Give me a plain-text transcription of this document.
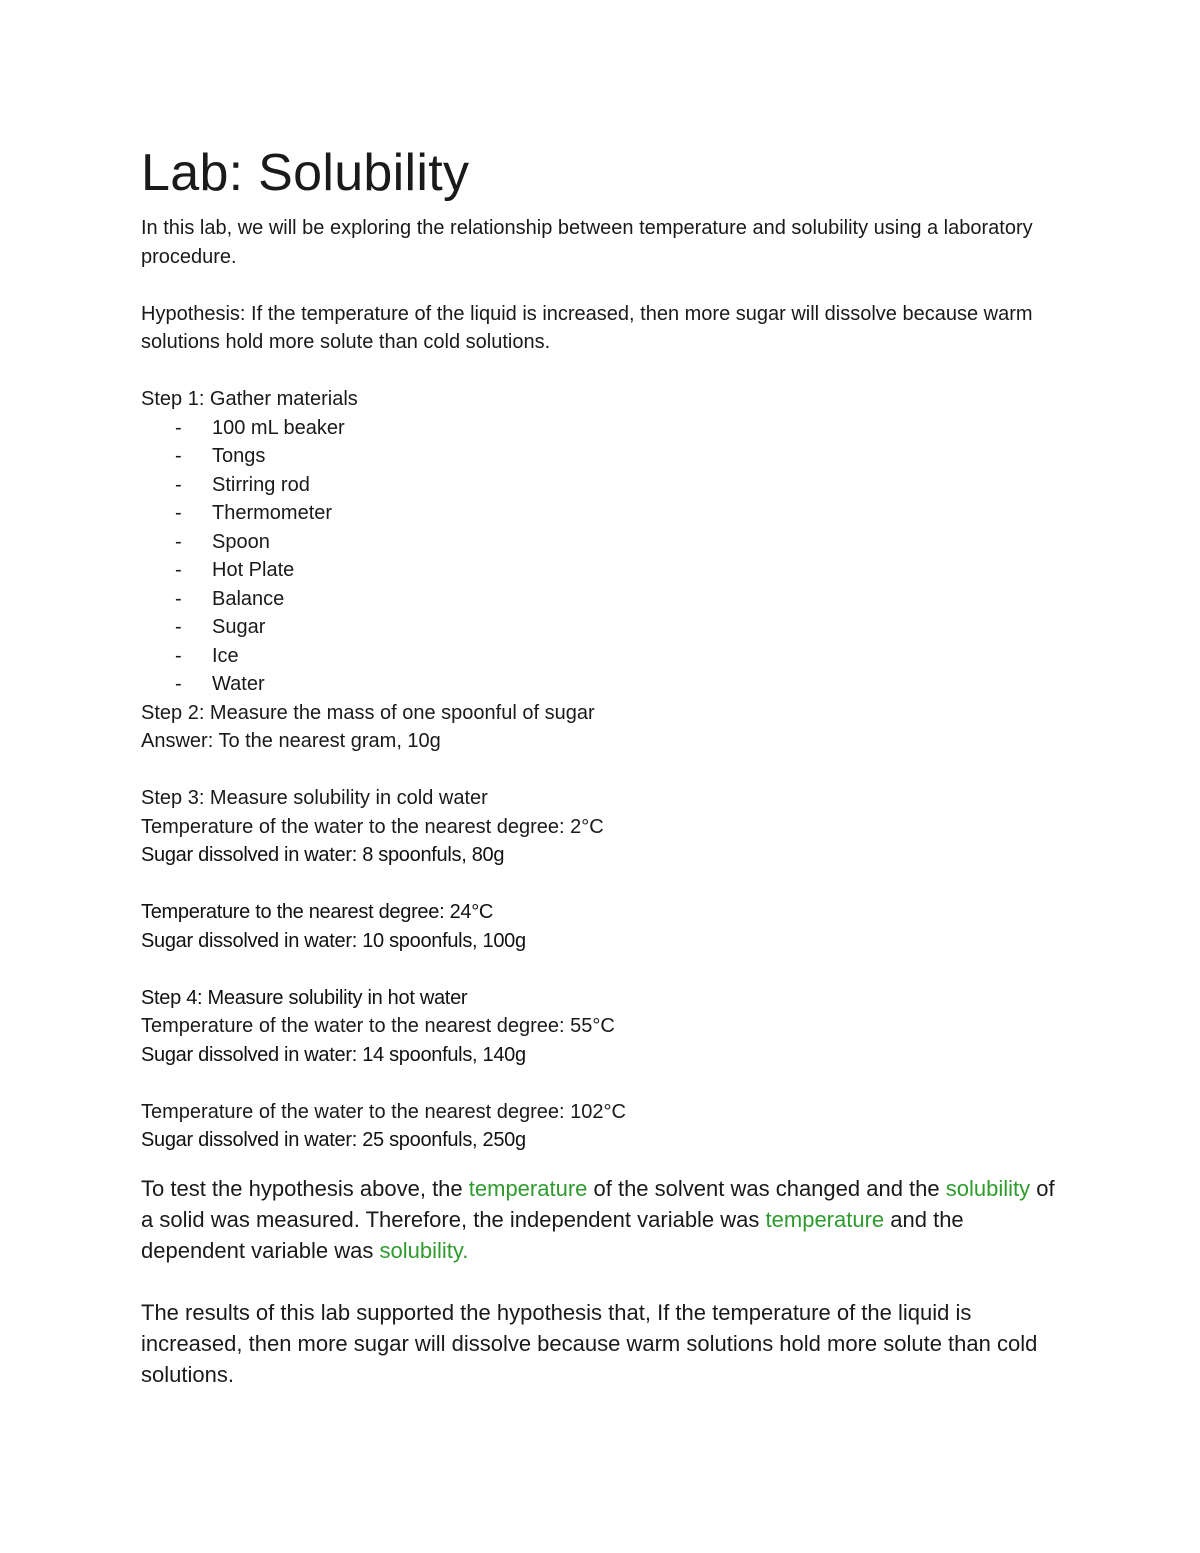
Lab: Solubility

In this lab, we will be exploring the relationship between temperature and solubility using a laboratory procedure.

Hypothesis: If the temperature of the liquid is increased, then more sugar will dissolve because warm solutions hold more solute than cold solutions.

Step 1: Gather materials

- 100 mL beaker
- Tongs
- Stirring rod
- Thermometer
- Spoon
- Hot Plate
- Balance
- Sugar
- Ice
- Water

Step 2: Measure the mass of one spoonful of sugar

Answer: To the nearest gram, 10g

Step 3: Measure solubility in cold water

Temperature of the water to the nearest degree: 2°C

Sugar dissolved in water: 8 spoonfuls, 80g

Temperature to the nearest degree: 24°C

Sugar dissolved in water: 10 spoonfuls, 100g

Step 4: Measure solubility in hot water

Temperature of the water to the nearest degree: 55°C

Sugar dissolved in water: 14 spoonfuls, 140g

Temperature of the water to the nearest degree: 102°C

Sugar dissolved in water: 25 spoonfuls, 250g

To test the hypothesis above, the temperature of the solvent was changed and the solubility of a solid was measured. Therefore, the independent variable was temperature and the dependent variable was solubility.

The results of this lab supported the hypothesis that, If the temperature of the liquid is increased, then more sugar will dissolve because warm solutions hold more solute than cold solutions.
